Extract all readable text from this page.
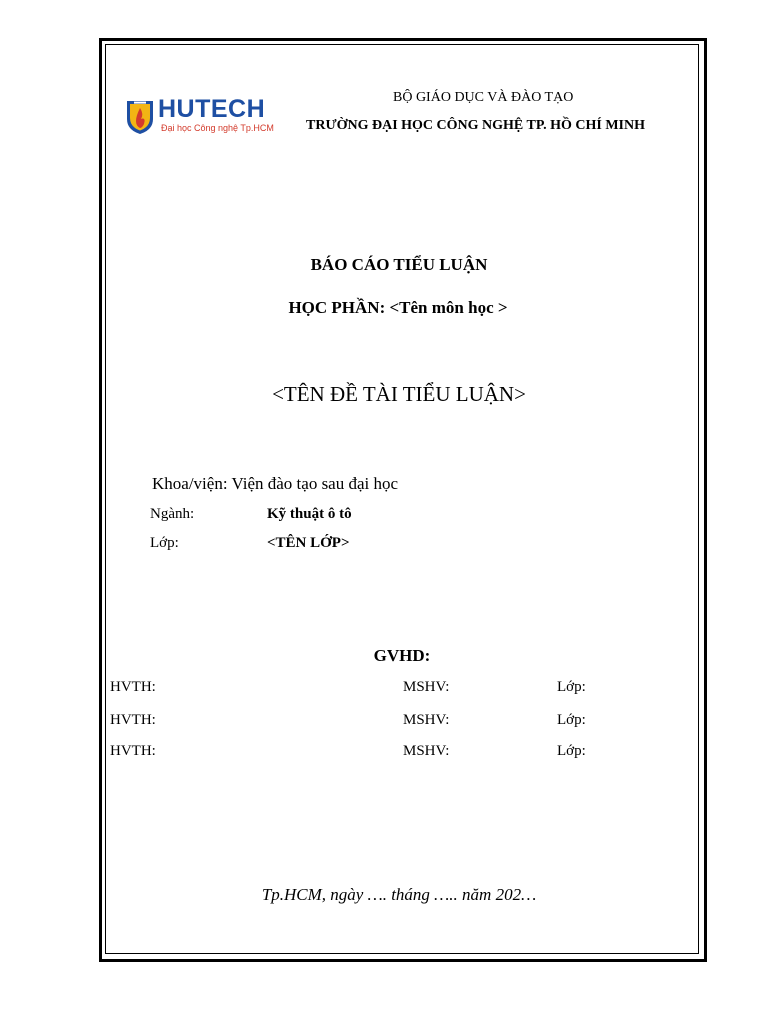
HUTECH
Đại học Công nghệ Tp.HCM
BỘ GIÁO DỤC VÀ ĐÀO TẠO
TRƯỜNG ĐẠI HỌC CÔNG NGHỆ TP. HỒ CHÍ MINH
BÁO CÁO TIỂU LUẬN
HỌC PHẦN: <Tên môn học >
<TÊN ĐỀ TÀI TIỂU LUẬN>
Khoa/viện: Viện đào tạo sau đại học
Ngành:	Kỹ thuật ô tô
Lớp:	<TÊN LỚP>
GVHD:
HVTH:	MSHV:	Lớp:
HVTH:	MSHV:	Lớp:
HVTH:	MSHV:	Lớp:
Tp.HCM, ngày …. tháng ….. năm 202…
